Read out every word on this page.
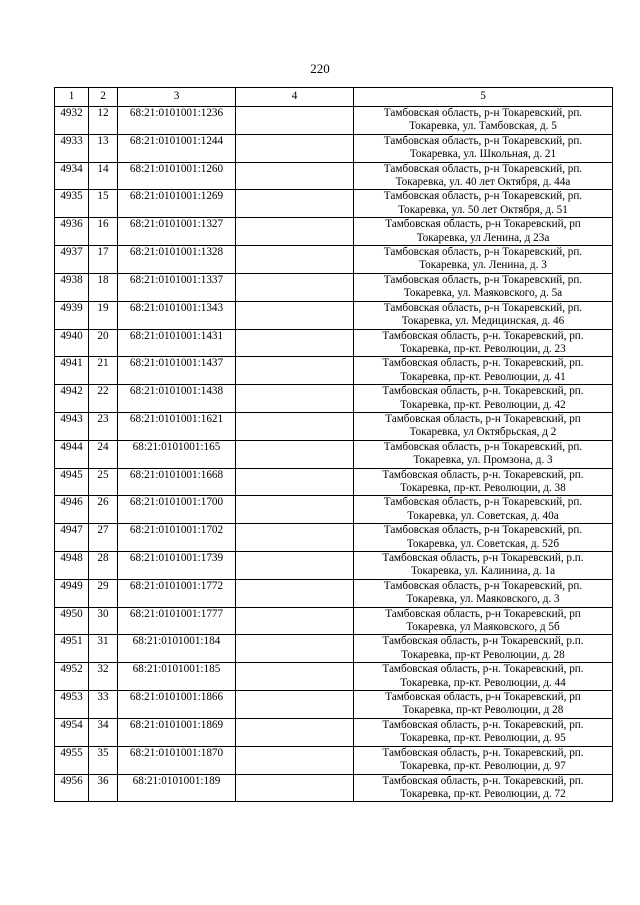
220
1	2	3	4	5
4932	12	68:21:0101001:1236		Тамбовская область, р-н Токаревский, рп.
Токаревка, ул. Тамбовская, д. 5

4933	13	68:21:0101001:1244		Тамбовская область, р-н Токаревский, рп.
Токаревка, ул. Школьная, д. 21

4934	14	68:21:0101001:1260		Тамбовская область, р-н Токаревский, рп.
Токаревка, ул. 40 лет Октября, д. 44а

4935	15	68:21:0101001:1269		Тамбовская область, р-н Токаревский, рп.
Токаревка, ул. 50 лет Октября, д. 51

4936	16	68:21:0101001:1327		Тамбовская область, р-н Токаревский, рп
Токаревка, ул Ленина, д 23а

4937	17	68:21:0101001:1328		Тамбовская область, р-н Токаревский, рп.
Токаревка, ул. Ленина, д. 3

4938	18	68:21:0101001:1337		Тамбовская область, р-н Токаревский, рп.
Токаревка, ул. Маяковского, д. 5а

4939	19	68:21:0101001:1343		Тамбовская область, р-н Токаревский, рп.
Токаревка, ул. Медицинская, д. 46

4940	20	68:21:0101001:1431		Тамбовская область, р-н. Токаревский, рп.
Токаревка, пр-кт. Революции, д. 23

4941	21	68:21:0101001:1437		Тамбовская область, р-н. Токаревский, рп.
Токаревка, пр-кт. Революции, д. 41

4942	22	68:21:0101001:1438		Тамбовская область, р-н. Токаревский, рп.
Токаревка, пр-кт. Революции, д. 42

4943	23	68:21:0101001:1621		Тамбовская область, р-н Токаревский, рп
Токаревка, ул Октябрьская, д 2

4944	24	68:21:0101001:165		Тамбовская область, р-н Токаревский, рп.
Токаревка, ул. Промзона, д. 3

4945	25	68:21:0101001:1668		Тамбовская область, р-н. Токаревский, рп.
Токаревка, пр-кт. Революции, д. 38

4946	26	68:21:0101001:1700		Тамбовская область, р-н Токаревский, рп.
Токаревка, ул. Советская, д. 40а

4947	27	68:21:0101001:1702		Тамбовская область, р-н Токаревский, рп.
Токаревка, ул. Советская, д. 52б

4948	28	68:21:0101001:1739		Тамбовская область, р-н Токаревский, р.п.
Токаревка, ул. Калинина, д. 1а

4949	29	68:21:0101001:1772		Тамбовская область, р-н Токаревский, рп.
Токаревка, ул. Маяковского, д. 3

4950	30	68:21:0101001:1777		Тамбовская область, р-н Токаревский, рп
Токаревка, ул Маяковского, д 5б

4951	31	68:21:0101001:184		Тамбовская область, р-н Токаревский, р.п.
Токаревка, пр-кт Революции, д. 28

4952	32	68:21:0101001:185		Тамбовская область, р-н. Токаревский, рп.
Токаревка, пр-кт. Революции, д. 44

4953	33	68:21:0101001:1866		Тамбовская область, р-н Токаревский, рп
Токаревка, пр-кт Революции, д 28

4954	34	68:21:0101001:1869		Тамбовская область, р-н. Токаревский, рп.
Токаревка, пр-кт. Революции, д. 95

4955	35	68:21:0101001:1870		Тамбовская область, р-н. Токаревский, рп.
Токаревка, пр-кт. Революции, д. 97

4956	36	68:21:0101001:189		Тамбовская область, р-н. Токаревский, рп.
Токаревка, пр-кт. Революции, д. 72
